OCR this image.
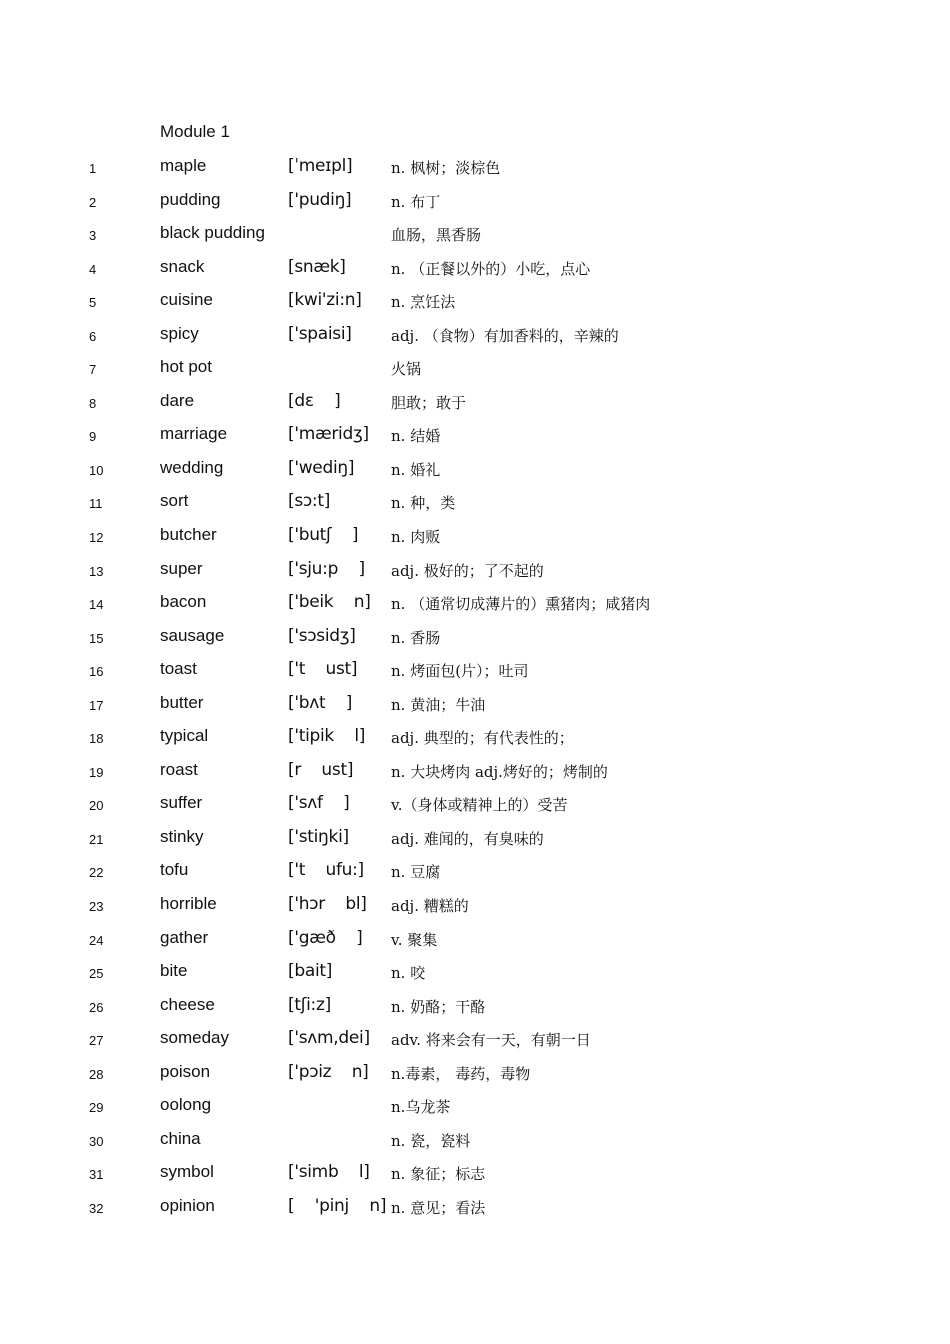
Module 1
1	maple	[ˈmeɪpl]	n. 枫树；淡棕色
2	pudding	['pudiŋ]	n. 布丁
3	black pudding	血肠，黑香肠
4	snack	[snæk]	n. （正餐以外的）小吃，点心
5	cuisine	[kwi'zi:n] n. 烹饪法
6	spicy	['spaisi]	adj. （食物）有加香料的，辛辣的
7	hot pot	火锅
8	dare	[dɛ    ]	胆敢；敢于
9	marriage	['mæridʒ] n. 结婚
10	wedding	['wediŋ] n. 婚礼
11	sort	[sɔ:t]	n. 种，类
12	butcher	['butʃ    ] n. 肉贩
13	super	['sju:p    ] adj. 极好的；了不起的
14	bacon	['beik    n] n. （通常切成薄片的）熏猪肉；咸猪肉
15	sausage	['sɔsidʒ] n. 香肠
16	toast	['t    ust] n. 烤面包(片）；吐司
17	butter	['bʌt    ]	n. 黄油；牛油
18	typical	['tipik    l] adj. 典型的；有代表性的；
19	roast	[r    ust]	n. 大块烤肉 adj.烤好的；烤制的
20	suffer	['sʌf    ]	v.（身体或精神上的）受苦
21	stinky	['stiŋki]	adj. 难闻的，有臭味的
22	tofu	['t    ufu:] n. 豆腐
23	horrible	['hɔr    bl] adj. 糟糕的
24	gather	['gæð    ] v. 聚集
25	bite	[bait]	n. 咬
26	cheese	[tʃi:z]	n. 奶酪；干酪
27	someday	['sʌm,dei] adv. 将来会有一天，有朝一日
28	poison	['pɔiz    n] n.毒素， 毒药，毒物
29	oolong	n.乌龙茶
30	china	n. 瓷，瓷料
31	symbol	['simb    l] n. 象征；标志
32	opinion	[    'pinj    n] n. 意见；看法
